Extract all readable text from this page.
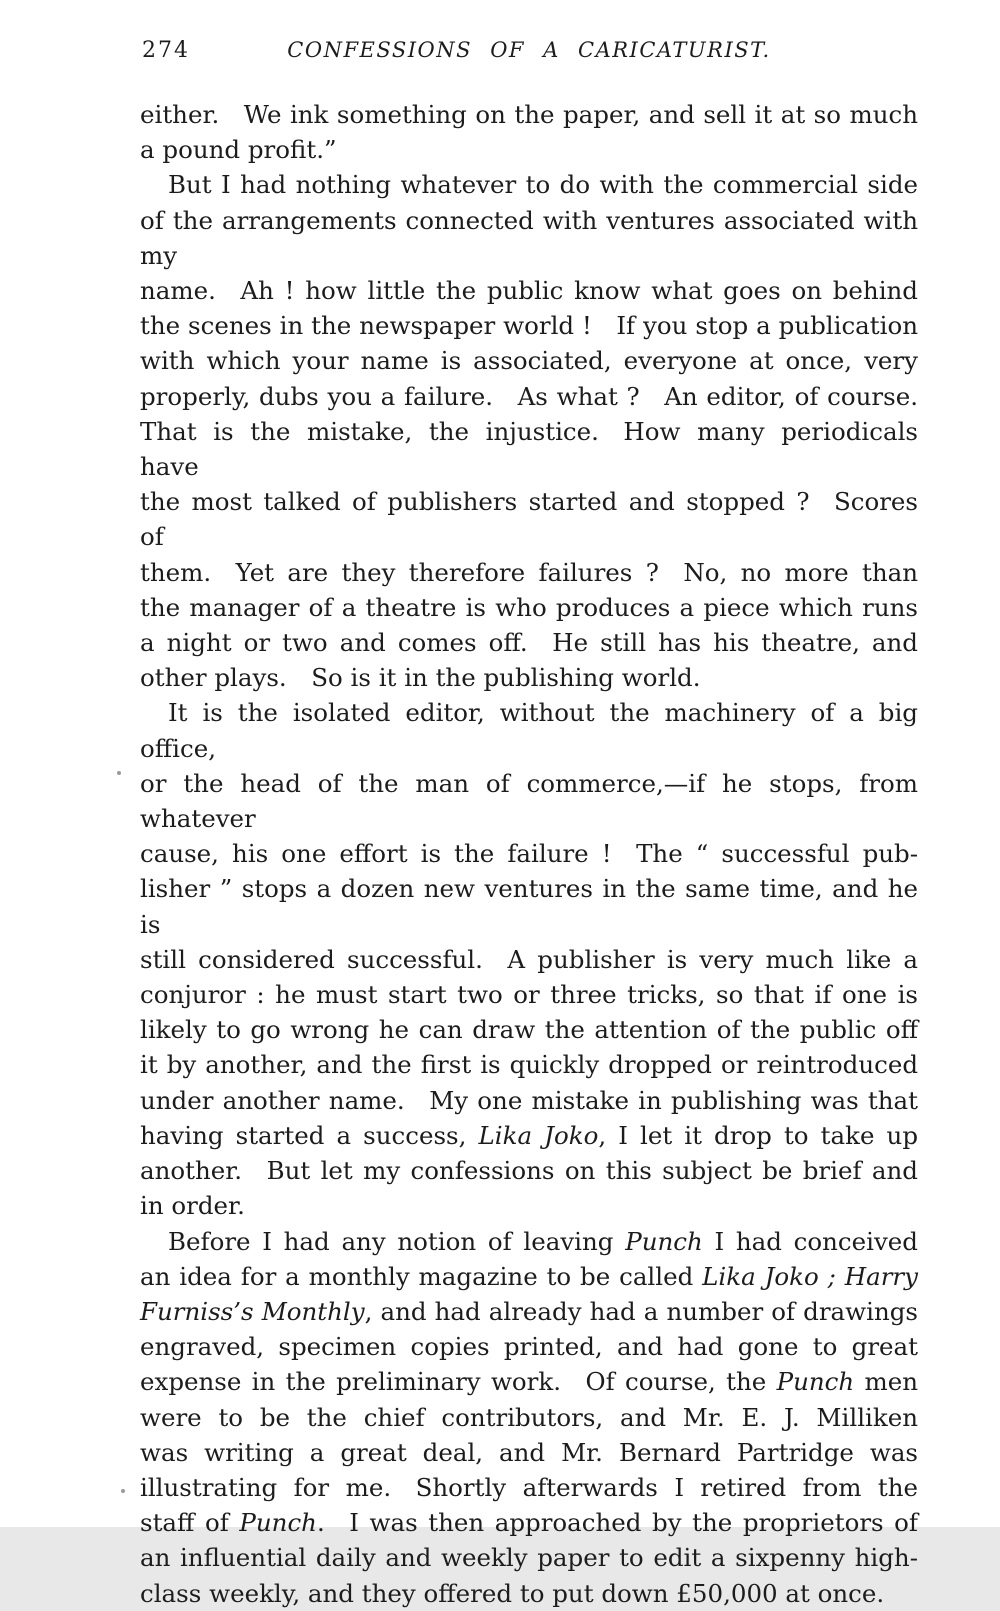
274	CONFESSIONS OF A CARICATURIST.
either.  We ink something on the paper, and sell it at so much
a pound profit.”
But I had nothing whatever to do with the commercial side
of the arrangements connected with ventures associated with my
name.  Ah ! how little the public know what goes on behind
the scenes in the newspaper world !  If you stop a publication
with which your name is associated, everyone at once, very
properly, dubs you a failure.  As what ?  An editor, of course.
That is the mistake, the injustice.  How many periodicals have
the most talked of publishers started and stopped ?  Scores of
them.  Yet are they therefore failures ?  No, no more than
the manager of a theatre is who produces a piece which runs
a night or two and comes off.  He still has his theatre, and
other plays.  So is it in the publishing world.
It is the isolated editor, without the machinery of a big office,
or the head of the man of commerce,—if he stops, from whatever
cause, his one effort is the failure !  The “ successful pub-
lisher ” stops a dozen new ventures in the same time, and he is
still considered successful.  A publisher is very much like a
conjuror : he must start two or three tricks, so that if one is
likely to go wrong he can draw the attention of the public off
it by another, and the first is quickly dropped or reintroduced
under another name.  My one mistake in publishing was that
having started a success, Lika Joko, I let it drop to take up
another.  But let my confessions on this subject be brief and
in order.
Before I had any notion of leaving Punch I had conceived
an idea for a monthly magazine to be called Lika Joko ; Harry
Furniss’s Monthly, and had already had a number of drawings
engraved, specimen copies printed, and had gone to great
expense in the preliminary work.  Of course, the Punch men
were to be the chief contributors, and Mr. E. J. Milliken
was writing a great deal, and Mr. Bernard Partridge was
illustrating for me.  Shortly afterwards I retired from the
staff of Punch.  I was then approached by the proprietors of
an influential daily and weekly paper to edit a sixpenny high-
class weekly, and they offered to put down £50,000 at once.
